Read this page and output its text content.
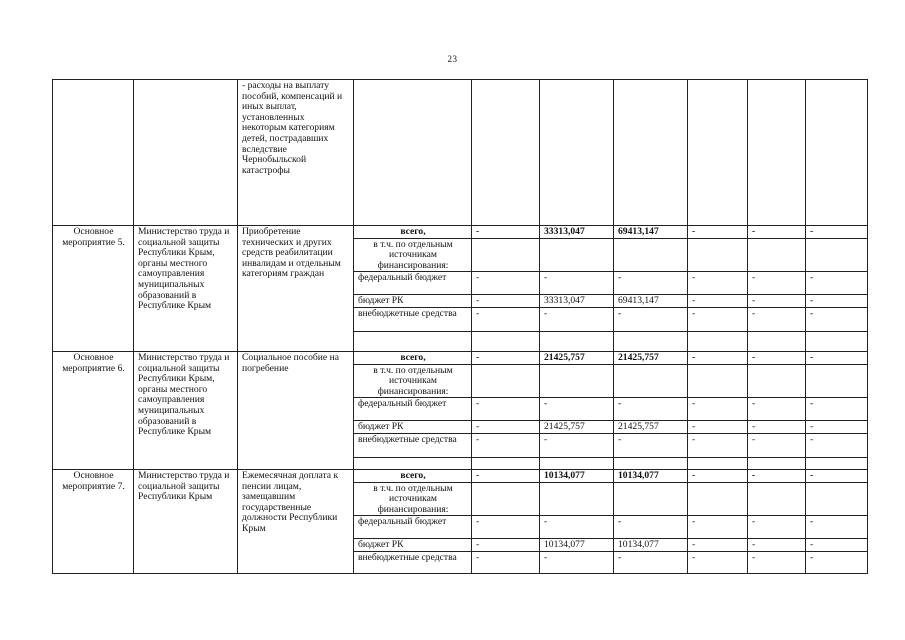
23
		- расходы на выплату пособий, компенсаций и иных выплат, установленных некоторым категориям детей, пострадавших вследствие Чернобыльской катастрофы							
Основное мероприятие 5.	Министерство труда и социальной защиты Республики Крым, органы местного самоуправления муниципальных образований в Республике Крым	Приобретение технических и других средств реабилитации инвалидам и отдельным категориям граждан	всего,	-	33313,047	69413,147	-	-	-
			в т.ч. по отдельным источникам финансирования:						
			федеральный бюджет	-	-	-	-	-	-
			бюджет РК	-	33313,047	69413,147	-	-	-
			внебюджетные средства	-	-	-	-	-	-

Основное мероприятие 6.	Министерство труда и социальной защиты Республики Крым, органы местного самоуправления муниципальных образований в Республике Крым	Социальное пособие на погребение	всего,	-	21425,757	21425,757	-	-	-
			в т.ч. по отдельным источникам финансирования:						
			федеральный бюджет	-	-	-	-	-	-
			бюджет РК	-	21425,757	21425,757	-	-	-
			внебюджетные средства	-	-	-	-	-	-

Основное мероприятие 7.	Министерство труда и социальной защиты Республики Крым	Ежемесячная доплата к пенсии лицам, замещавшим государственные должности Республики Крым	всего,	-	10134,077	10134,077	-	-	-
			в т.ч. по отдельным источникам финансирования:						
			федеральный бюджет	-	-	-	-	-	-
			бюджет РК	-	10134,077	10134,077	-	-	-
			внебюджетные средства	-	-	-	-	-	-
